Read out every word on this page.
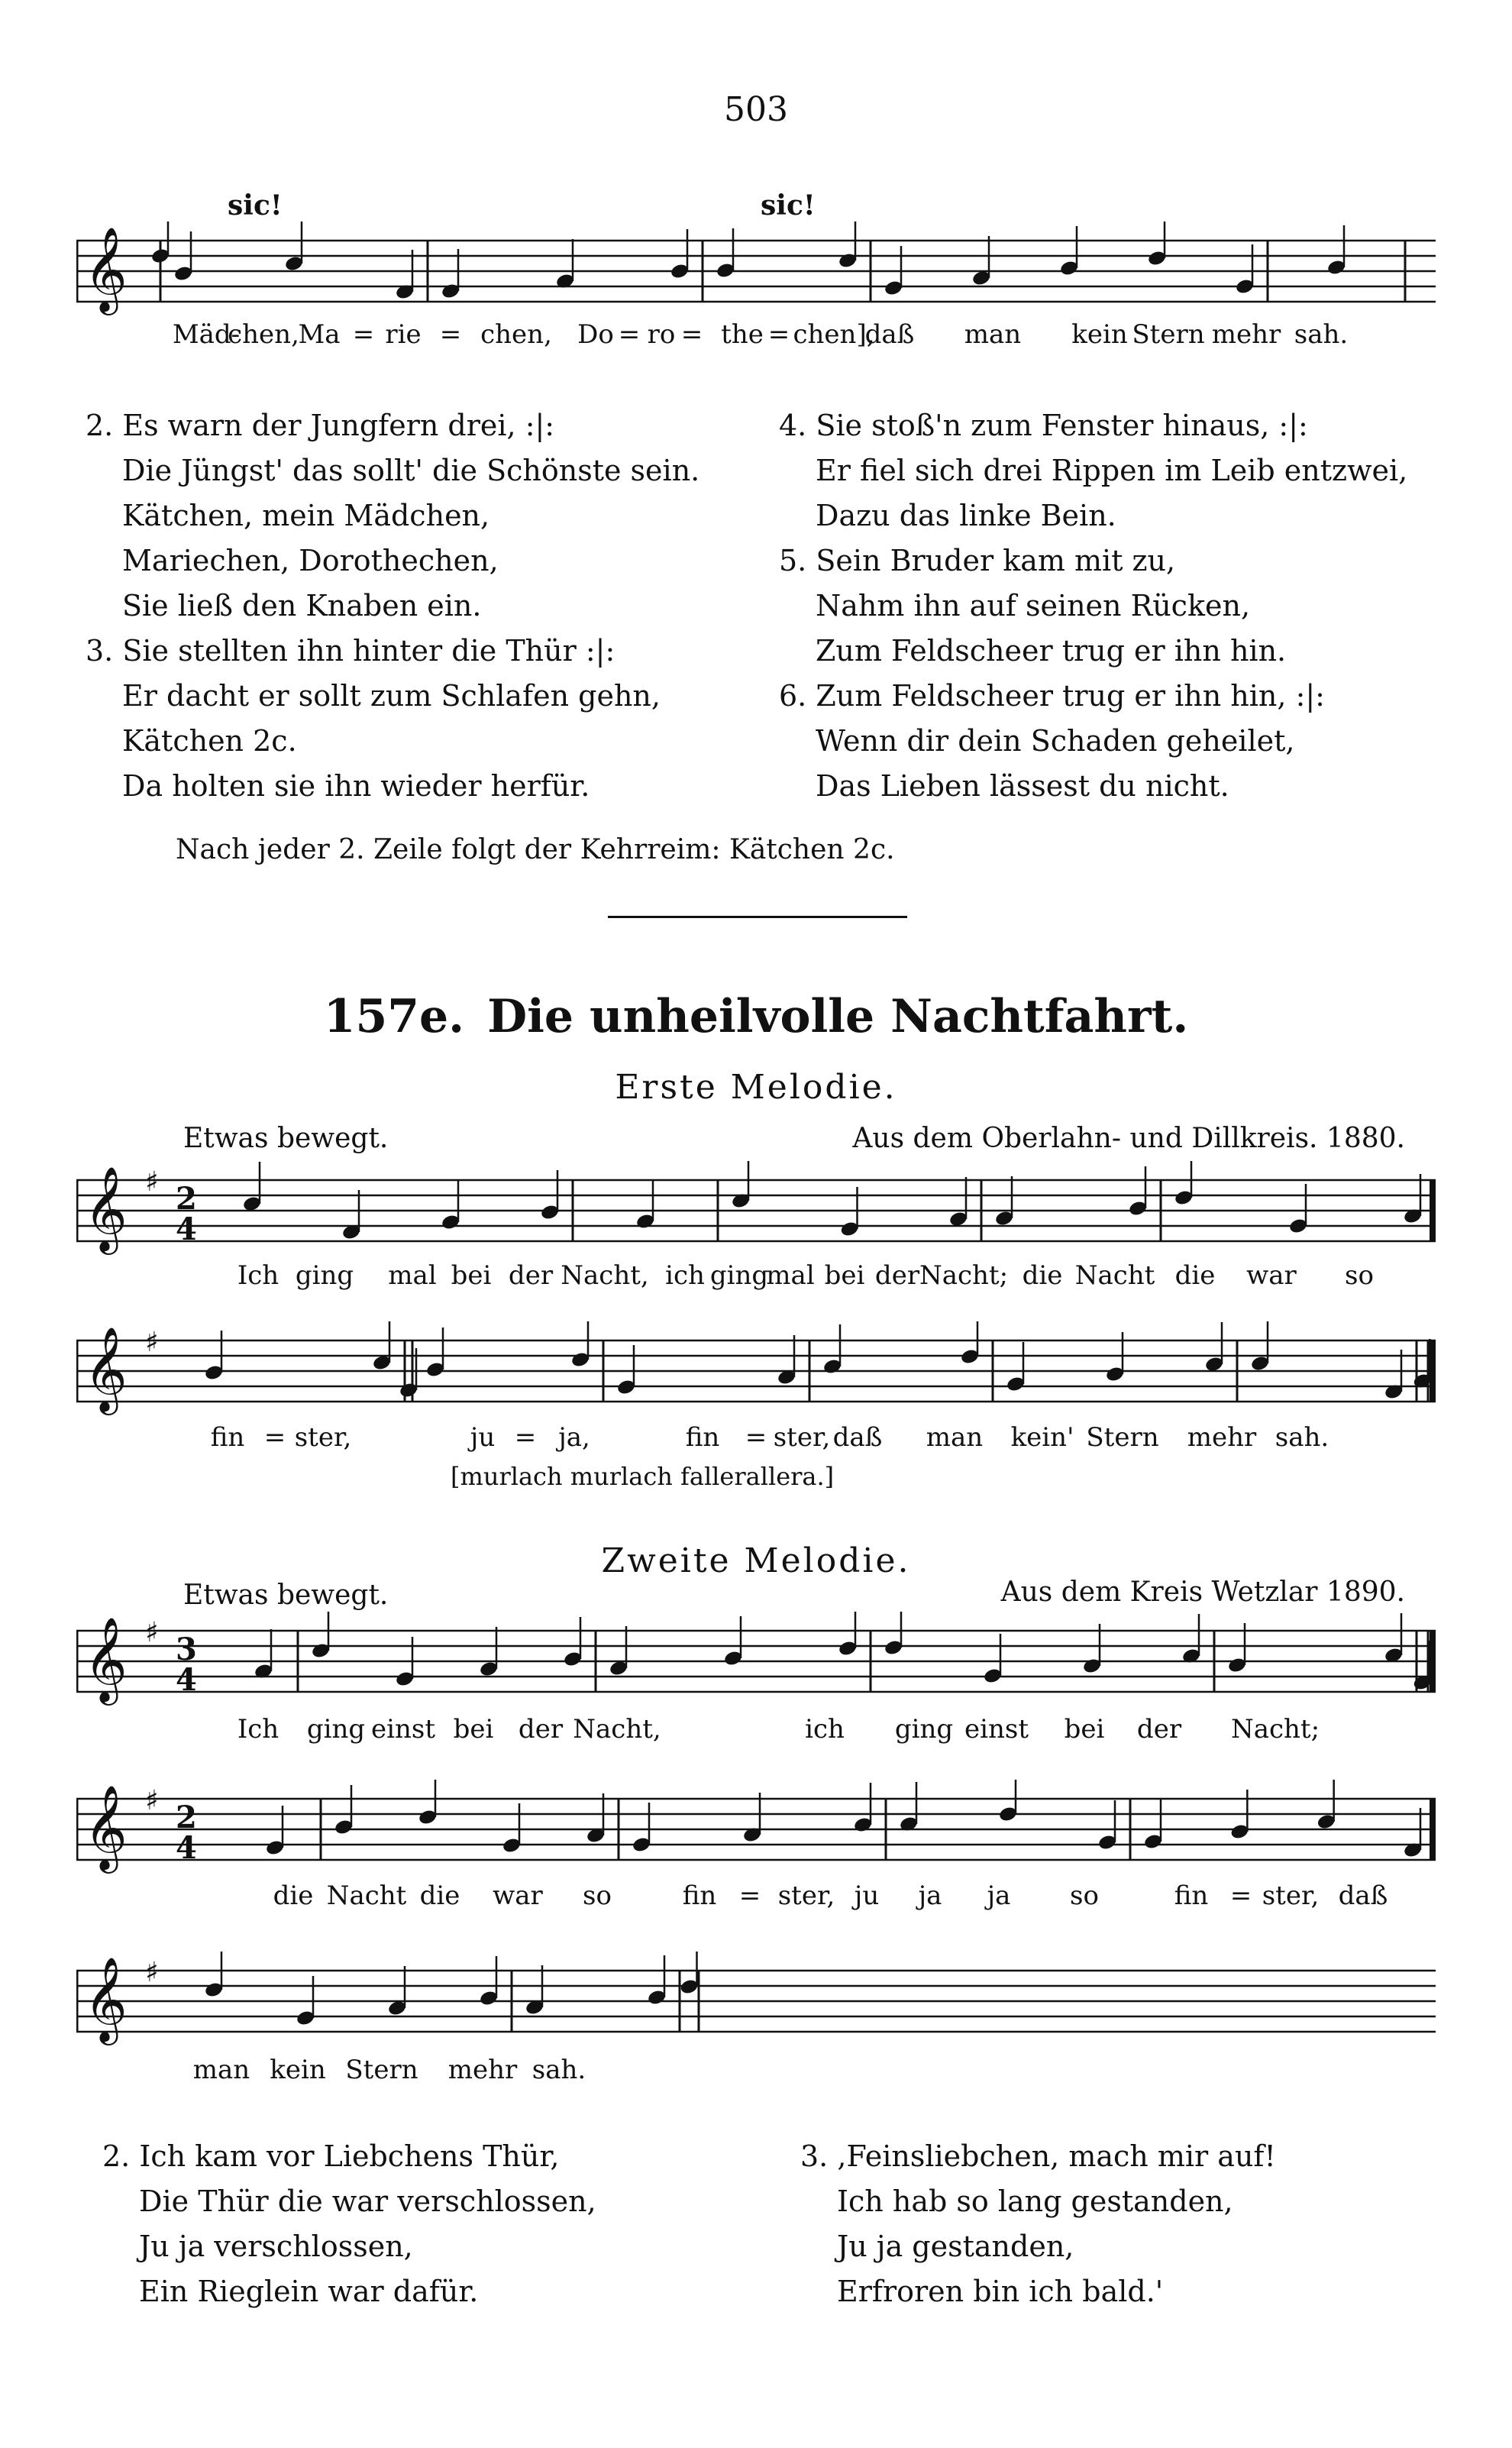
503
sic!	sic!
𝄞
Mäd-
chen,
Ma = rie = chen, Do = ro = the = chen],
daß man kein Stern mehr sah.
2. Es warn der Jungfern drei, :|:
Die Jüngst' das sollt' die Schönste sein.
Kätchen, mein Mädchen,
Mariechen, Dorothechen,
Sie ließ den Knaben ein.
3. Sie stellten ihn hinter die Thür :|:
Er dacht er sollt zum Schlafen gehn,
Kätchen 2c.
Da holten sie ihn wieder herfür.
4. Sie stoß'n zum Fenster hinaus, :|:
Er fiel sich drei Rippen im Leib entzwei,
Dazu das linke Bein.
5. Sein Bruder kam mit zu,
Nahm ihn auf seinen Rücken,
Zum Feldscheer trug er ihn hin.
6. Zum Feldscheer trug er ihn hin, :|:
Wenn dir dein Schaden geheilet,
Das Lieben lässest du nicht.
Nach jeder 2. Zeile folgt der Kehrreim: Kätchen 2c.
157e. Die unheilvolle Nachtfahrt.
Erste Melodie.
Etwas bewegt.	Aus dem Oberlahn- und Dillkreis. 1880.
𝄞 ♯ 2
4
Ich ging mal bei der Nacht, ich ging
mal bei der Nacht; die Nacht die war so
𝄞 ♯
fin = ster,	ju = ja,	fin = ster, daß man kein' Stern mehr sah.
[murlach murlach fallerallera.]
Zweite Melodie.
Etwas bewegt.	Aus dem Kreis Wetzlar 1890.
𝄞 ♯ 3
4
Ich ging einst bei der Nacht,	ich ging einst bei der Nacht;
𝄞 ♯ 2
4
die Nacht die war so	fin = ster, ju ja ja so	fin = ster, daß
𝄞 ♯
man kein Stern mehr sah.
2. Ich kam vor Liebchens Thür,
Die Thür die war verschlossen,
Ju ja verschlossen,
Ein Rieglein war dafür.
3. ,Feinsliebchen, mach mir auf!
Ich hab so lang gestanden,
Ju ja gestanden,
Erfroren bin ich bald.'
